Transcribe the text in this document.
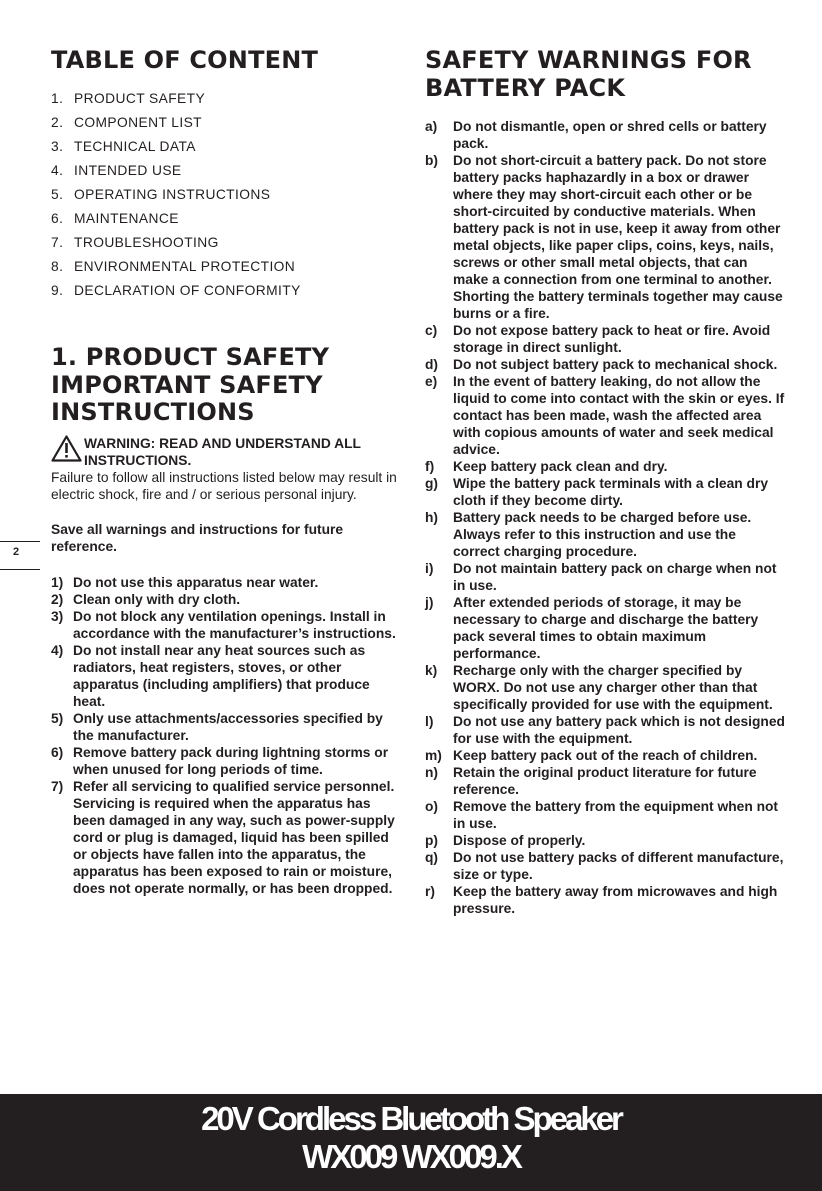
TABLE OF CONTENT
1. PRODUCT SAFETY
2. COMPONENT LIST
3. TECHNICAL DATA
4. INTENDED USE
5. OPERATING INSTRUCTIONS
6. MAINTENANCE
7. TROUBLESHOOTING
8. ENVIRONMENTAL PROTECTION
9. DECLARATION OF CONFORMITY
1. PRODUCT SAFETY
IMPORTANT SAFETY
INSTRUCTIONS
WARNING: READ AND UNDERSTAND ALL
INSTRUCTIONS.
Failure to follow all instructions listed below may result in electric shock, fire and / or serious personal injury.
Save all warnings and instructions for future reference.
1) Do not use this apparatus near water.
2) Clean only with dry cloth.
3) Do not block any ventilation openings. Install in accordance with the manufacturer’s instructions.
4) Do not install near any heat sources such as radiators, heat registers, stoves, or other apparatus (including amplifiers) that produce heat.
5) Only use attachments/accessories specified by the manufacturer.
6) Remove battery pack during lightning storms or when unused for long periods of time.
7) Refer all servicing to qualified service personnel. Servicing is required when the apparatus has been damaged in any way, such as power-supply cord or plug is damaged, liquid has been spilled or objects have fallen into the apparatus, the apparatus has been exposed to rain or moisture, does not operate normally, or has been dropped.
SAFETY WARNINGS FOR
BATTERY PACK
a)	Do not dismantle, open or shred cells or battery pack.
b)	Do not short-circuit a battery pack. Do not store battery packs haphazardly in a box or drawer where they may short-circuit each other or be short-circuited by conductive materials. When battery pack is not in use, keep it away from other metal objects, like paper clips, coins, keys, nails, screws or other small metal objects, that can make a connection from one terminal to another. Shorting the battery terminals together may cause burns or a fire.
c)	Do not expose battery pack to heat or fire. Avoid storage in direct sunlight.
d)	Do not subject battery pack to mechanical shock.
e)	In the event of battery leaking, do not allow the liquid to come into contact with the skin or eyes. If contact has been made, wash the affected area with copious amounts of water and seek medical advice.
f)	Keep battery pack clean and dry.
g)	Wipe the battery pack terminals with a clean dry cloth if they become dirty.
h)	Battery pack needs to be charged before use. Always refer to this instruction and use the correct charging procedure.
i)	Do not maintain battery pack on charge when not in use.
j)	After extended periods of storage, it may be necessary to charge and discharge the battery pack several times to obtain maximum performance.
k)	Recharge only with the charger specified by WORX. Do not use any charger other than that specifically provided for use with the equipment.
l)	Do not use any battery pack which is not designed for use with the equipment.
m) Keep battery pack out of the reach of children.
n)	Retain the original product literature for future reference.
o)	Remove the battery from the equipment when not in use.
p)	Dispose of properly.
q)	Do not use battery packs of different manufacture, size or type.
r)	Keep the battery away from microwaves and high pressure.
2
20V Cordless Bluetooth Speaker
WX009 WX009.X
